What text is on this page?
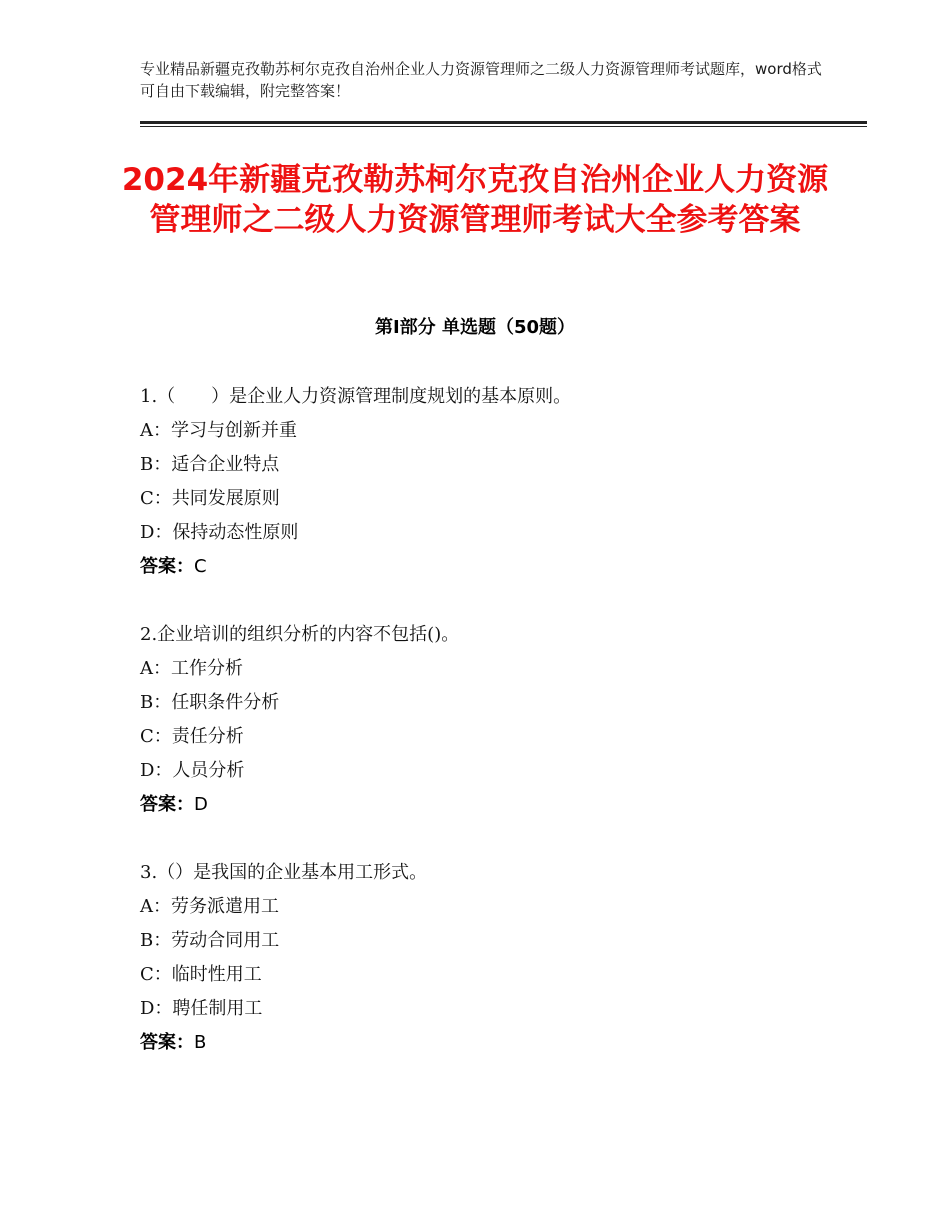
专业精品新疆克孜勒苏柯尔克孜自治州企业人力资源管理师之二级人力资源管理师考试题库，word格式可自由下载编辑，附完整答案！
2024年新疆克孜勒苏柯尔克孜自治州企业人力资源管理师之二级人力资源管理师考试大全参考答案
第Ⅰ部分 单选题（50题）
1.（　　）是企业人力资源管理制度规划的基本原则。
A：学习与创新并重
B：适合企业特点
C：共同发展原则
D：保持动态性原则
答案：C
2.企业培训的组织分析的内容不包括()。
A：工作分析
B：任职条件分析
C：责任分析
D：人员分析
答案：D
3.（）是我国的企业基本用工形式。
A：劳务派遣用工
B：劳动合同用工
C：临时性用工
D：聘任制用工
答案：B
